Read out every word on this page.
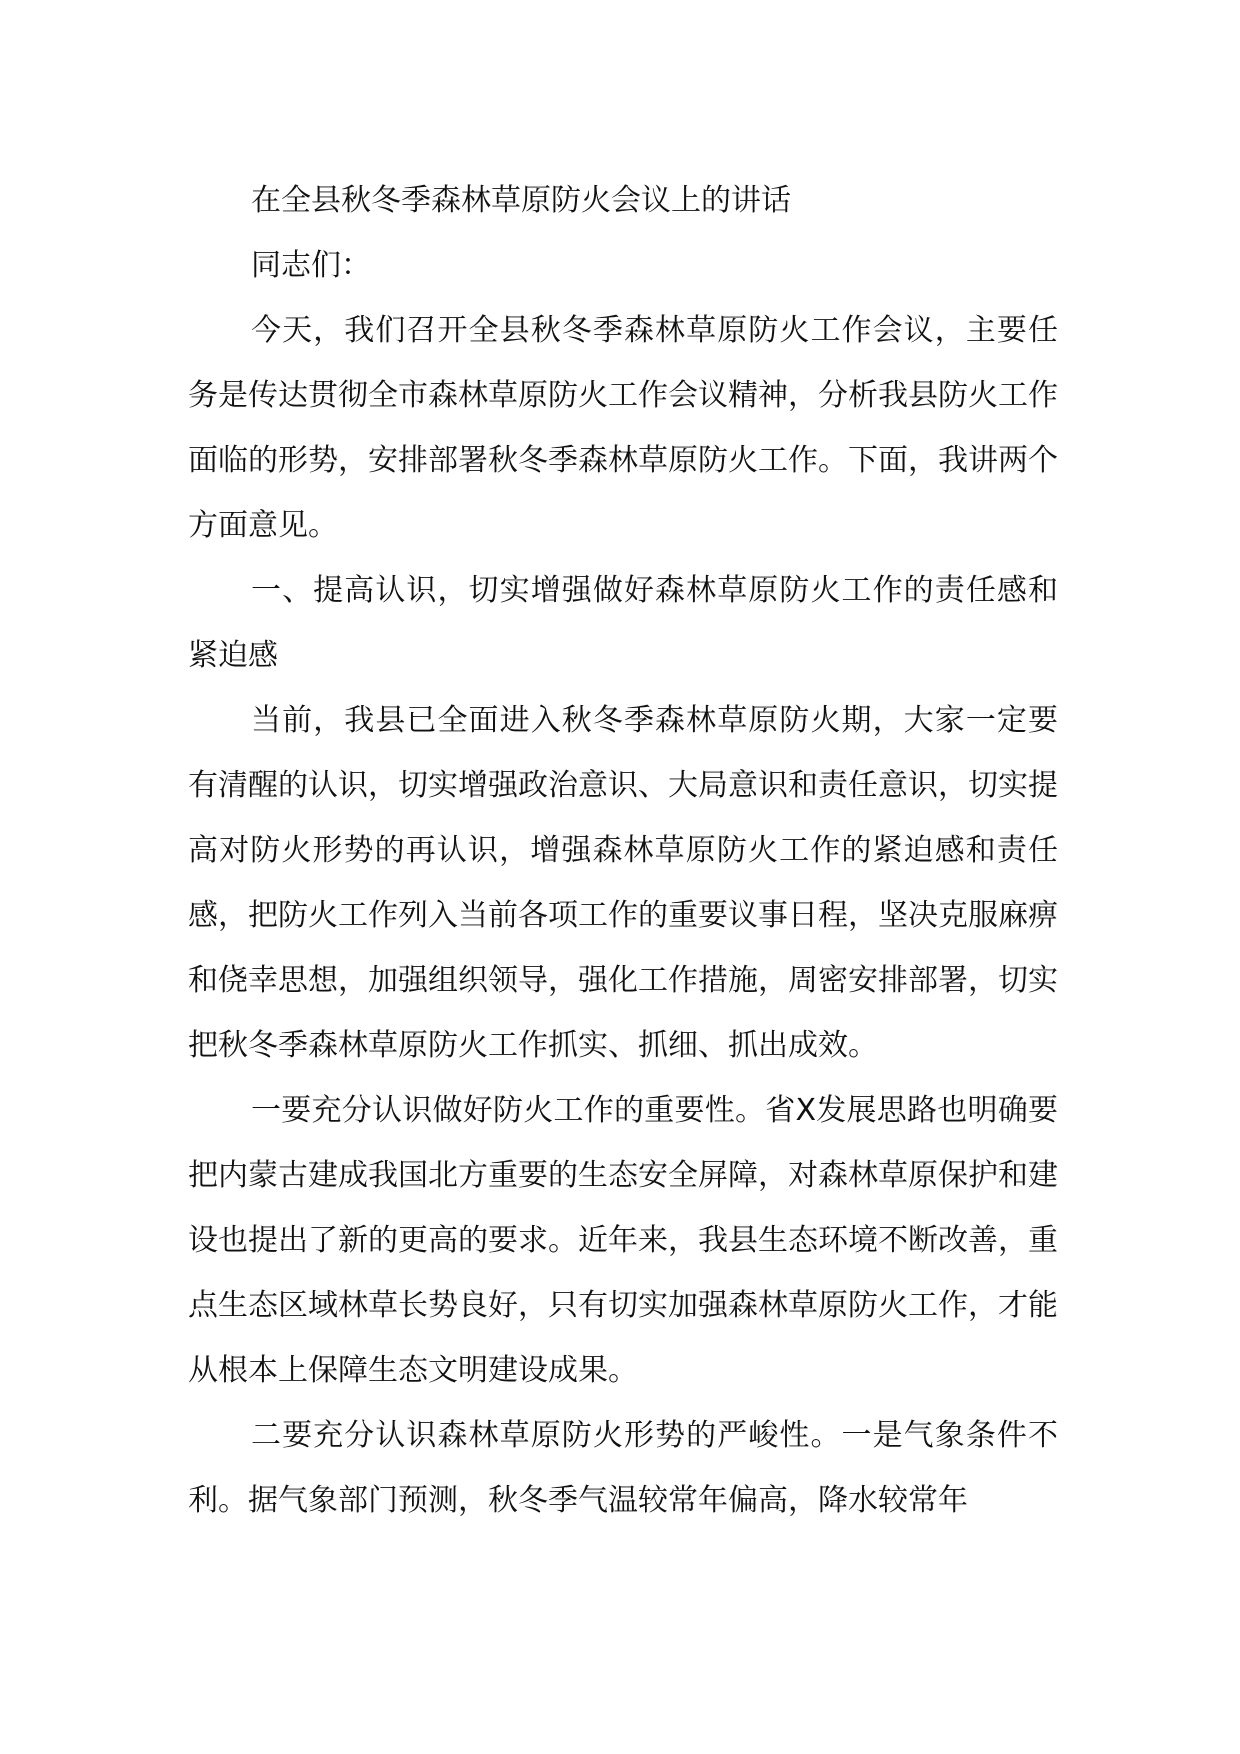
在全县秋冬季森林草原防火会议上的讲话

同志们：

今天，我们召开全县秋冬季森林草原防火工作会议，主要任务是传达贯彻全市森林草原防火工作会议精神，分析我县防火工作面临的形势，安排部署秋冬季森林草原防火工作。下面，我讲两个方面意见。

一、提高认识，切实增强做好森林草原防火工作的责任感和紧迫感

当前，我县已全面进入秋冬季森林草原防火期，大家一定要有清醒的认识，切实增强政治意识、大局意识和责任意识，切实提高对防火形势的再认识，增强森林草原防火工作的紧迫感和责任感，把防火工作列入当前各项工作的重要议事日程，坚决克服麻痹和侥幸思想，加强组织领导，强化工作措施，周密安排部署，切实把秋冬季森林草原防火工作抓实、抓细、抓出成效。

一要充分认识做好防火工作的重要性。省X发展思路也明确要把内蒙古建成我国北方重要的生态安全屏障，对森林草原保护和建设也提出了新的更高的要求。近年来，我县生态环境不断改善，重点生态区域林草长势良好，只有切实加强森林草原防火工作，才能从根本上保障生态文明建设成果。

二要充分认识森林草原防火形势的严峻性。一是气象条件不利。据气象部门预测，秋冬季气温较常年偏高，降水较常年
